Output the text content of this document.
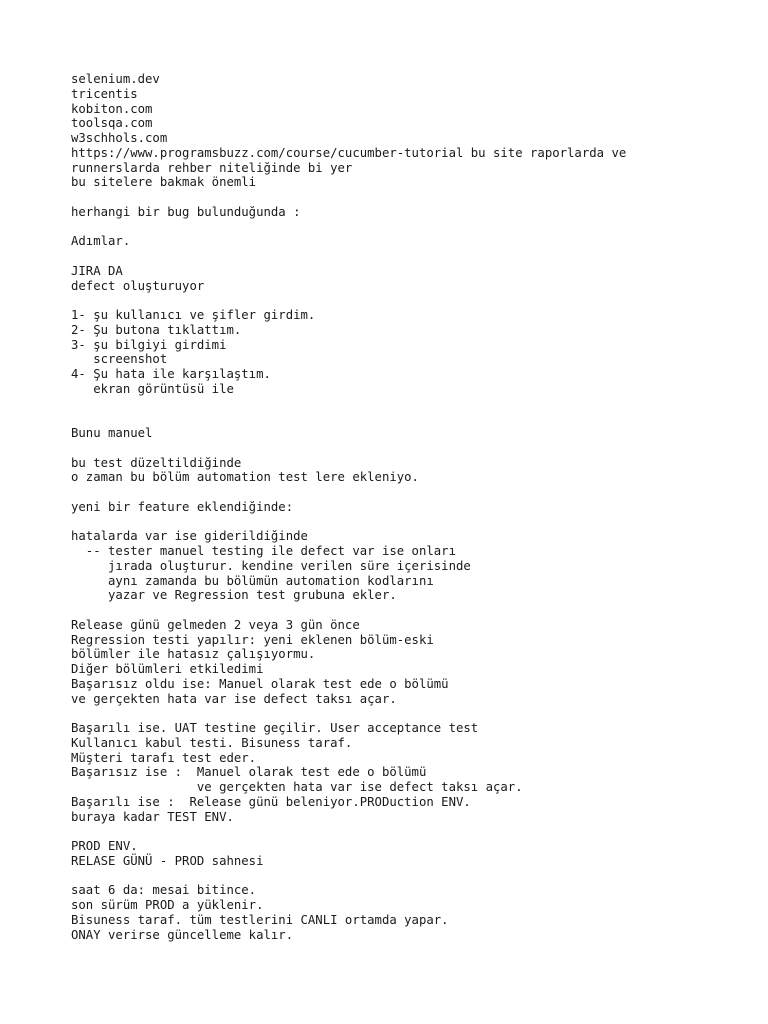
selenium.dev
tricentis
kobiton.com
toolsqa.com
w3schhols.com
https://www.programsbuzz.com/course/cucumber-tutorial bu site raporlarda ve
runnerslarda rehber niteliğinde bi yer
bu sitelere bakmak önemli
herhangi bir bug bulunduğunda :
Adımlar.
JIRA DA
defect oluşturuyor
1- şu kullanıcı ve şifler girdim.
2- Şu butona tıklattım.
3- şu bilgiyi girdimi
screenshot
4- Şu hata ile karşılaştım.
ekran görüntüsü ile
Bunu manuel
bu test düzeltildiğinde
o zaman bu bölüm automation test lere ekleniyo.
yeni bir feature eklendiğinde:
hatalarda var ise giderildiğinde
-- tester manuel testing ile defect var ise onları
jırada oluşturur. kendine verilen süre içerisinde
aynı zamanda bu bölümün automation kodlarını
yazar ve Regression test grubuna ekler.
Release günü gelmeden 2 veya 3 gün önce
Regression testi yapılır: yeni eklenen bölüm-eski
bölümler ile hatasız çalışıyormu.
Diğer bölümleri etkiledimi
Başarısız oldu ise: Manuel olarak test ede o bölümü
ve gerçekten hata var ise defect taksı açar.
Başarılı ise. UAT testine geçilir. User acceptance test
Kullanıcı kabul testi. Bisuness taraf.
Müşteri tarafı test eder.
Başarısız ise :  Manuel olarak test ede o bölümü
ve gerçekten hata var ise defect taksı açar.
Başarılı ise :  Release günü beleniyor.PRODuction ENV.
buraya kadar TEST ENV.
PROD ENV.
RELASE GÜNÜ - PROD sahnesi
saat 6 da: mesai bitince.
son sürüm PROD a yüklenir.
Bisuness taraf. tüm testlerini CANLI ortamda yapar.
ONAY verirse güncelleme kalır.
